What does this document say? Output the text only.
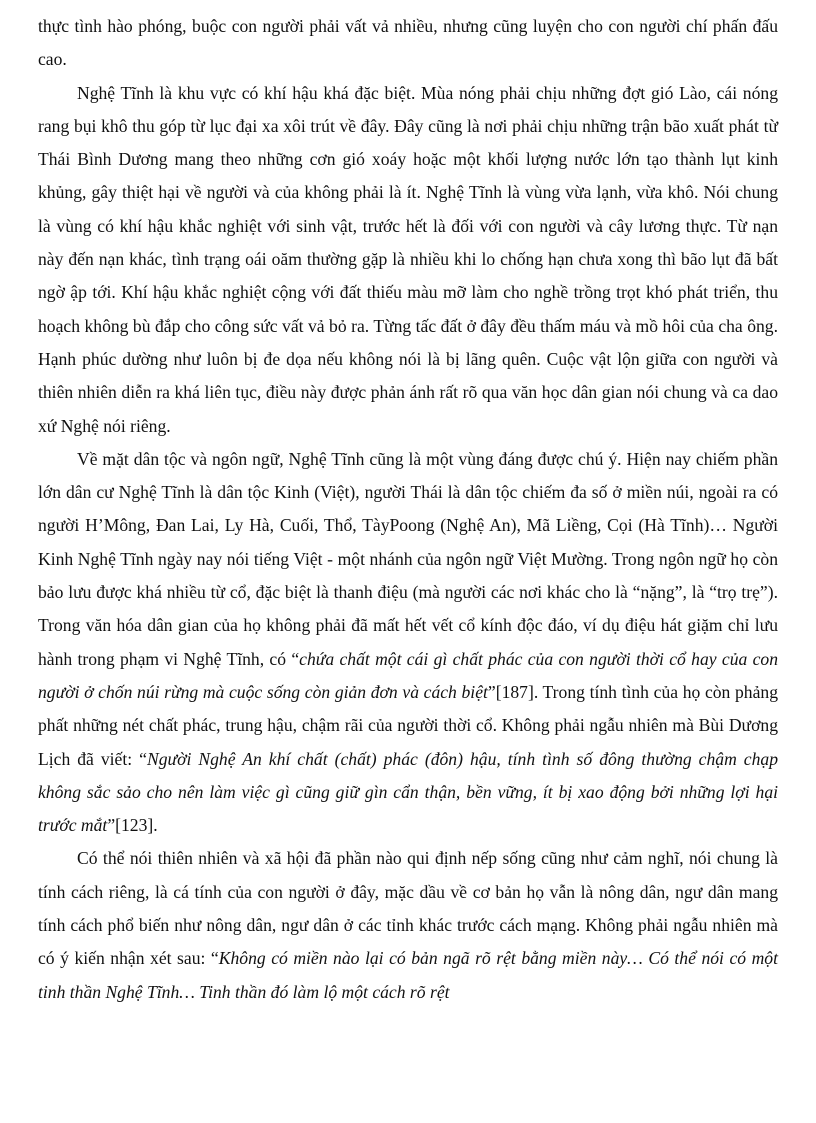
thực tình hào phóng, buộc con người phải vất vả nhiều, nhưng cũng luyện cho con người chí phấn đấu cao.

Nghệ Tĩnh là khu vực có khí hậu khá đặc biệt. Mùa nóng phải chịu những đợt gió Lào, cái nóng rang bụi khô thu góp từ lục đại xa xôi trút về đây. Đây cũng là nơi phải chịu những trận bão xuất phát từ Thái Bình Dương mang theo những cơn gió xoáy hoặc một khối lượng nước lớn tạo thành lụt kinh khủng, gây thiệt hại về người và của không phải là ít. Nghệ Tĩnh là vùng vừa lạnh, vừa khô. Nói chung là vùng có khí hậu khắc nghiệt với sinh vật, trước hết là đối với con người và cây lương thực. Từ nạn này đến nạn khác, tình trạng oái oăm thường gặp là nhiều khi lo chống hạn chưa xong thì bão lụt đã bất ngờ ập tới. Khí hậu khắc nghiệt cộng với đất thiếu màu mỡ làm cho nghề trồng trọt khó phát triển, thu hoạch không bù đắp cho công sức vất vả bỏ ra. Từng tấc đất ở đây đều thấm máu và mồ hôi của cha ông. Hạnh phúc dường như luôn bị đe dọa nếu không nói là bị lãng quên. Cuộc vật lộn giữa con người và thiên nhiên diễn ra khá liên tục, điều này được phản ánh rất rõ qua văn học dân gian nói chung và ca dao xứ Nghệ nói riêng.

Về mặt dân tộc và ngôn ngữ, Nghệ Tĩnh cũng là một vùng đáng được chú ý. Hiện nay chiếm phần lớn dân cư Nghệ Tĩnh là dân tộc Kinh (Việt), người Thái là dân tộc chiếm đa số ở miền núi, ngoài ra có người H’Mông, Đan Lai, Ly Hà, Cuối, Thổ, TàyPoong (Nghệ An), Mã Liềng, Cọi (Hà Tĩnh)… Người Kinh Nghệ Tĩnh ngày nay nói tiếng Việt - một nhánh của ngôn ngữ Việt Mường. Trong ngôn ngữ họ còn bảo lưu được khá nhiều từ cổ, đặc biệt là thanh điệu (mà người các nơi khác cho là “nặng”, là “trọ trẹ”). Trong văn hóa dân gian của họ không phải đã mất hết vết cổ kính độc đáo, ví dụ điệu hát giặm chỉ lưu hành trong phạm vi Nghệ Tĩnh, có “chứa chất một cái gì chất phác của con người thời cổ hay của con người ở chốn núi rừng mà cuộc sống còn giản đơn và cách biệt”[187]. Trong tính tình của họ còn phảng phất những nét chất phác, trung hậu, chậm rãi của người thời cổ. Không phải ngẫu nhiên mà Bùi Dương Lịch đã viết: “Người Nghệ An khí chất (chất) phác (đôn) hậu, tính tình số đông thường chậm chạp không sắc sảo cho nên làm việc gì cũng giữ gìn cẩn thận, bền vững, ít bị xao động bởi những lợi hại trước mắt”[123].

Có thể nói thiên nhiên và xã hội đã phần nào qui định nếp sống cũng như cảm nghĩ, nói chung là tính cách riêng, là cá tính của con người ở đây, mặc dầu về cơ bản họ vẫn là nông dân, ngư dân mang tính cách phổ biến như nông dân, ngư dân ở các tỉnh khác trước cách mạng. Không phải ngẫu nhiên mà có ý kiến nhận xét sau: “Không có miền nào lại có bản ngã rõ rệt bằng miền này… Có thể nói có một tinh thần Nghệ Tĩnh… Tinh thần đó làm lộ một cách rõ rệt
